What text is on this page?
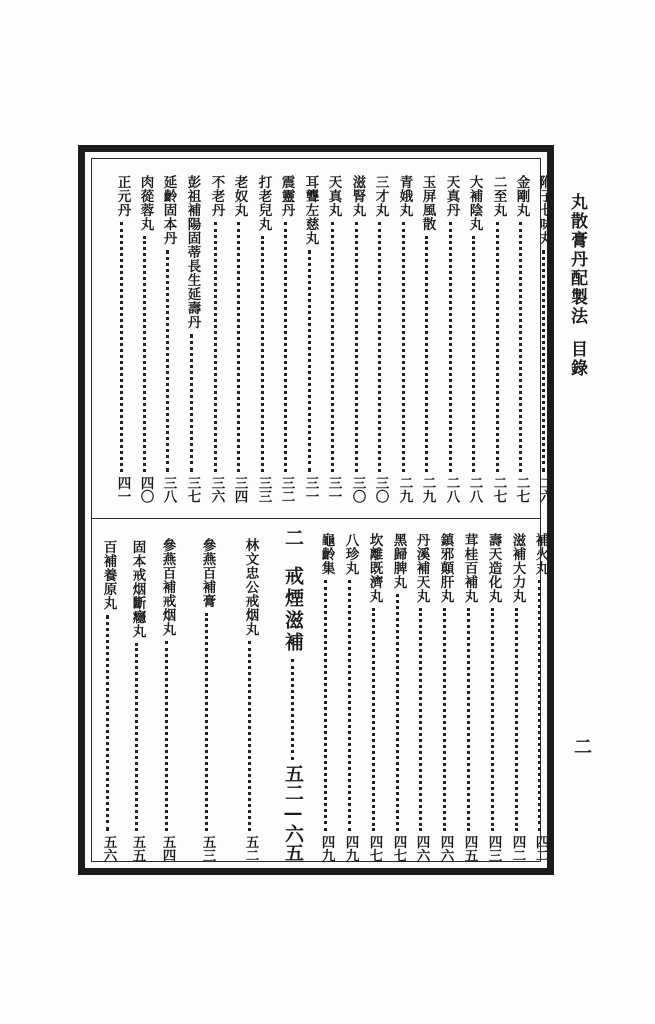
丸散膏丹配製法目錄
二
附子七味丸
二六
金剛丸
二七
二至丸
二七
大補陰丸
二八
天真丹
二八
玉屏風散
二九
青娥丸
二九
三才丸
三〇
滋腎丸
三〇
天真丸
三一
耳聾左慈丸
三一
震靈丹
三二
打老兒丸
三三
老奴丸
三四
不老丹
三六
彭祖補陽固蒂長生延壽丹
三七
延齡固本丹
三八
肉蓯蓉丸
四〇
正元丹
四一
補火丸
四二
滋補大力丸
四二
壽天造化丸
四三
茸桂百補丸
四五
鎮邪顛肝丸
四六
丹溪補天丸
四六
黑歸脾丸
四七
坎離既濟丸
四七
八珍丸
四九
龜齡集
四九
二
戒煙滋補
五二—六五
林文忠公戒烟丸
五二
參燕百補膏
五三
參燕百補戒烟丸
五四
固本戒烟斷癮丸
五五
百補養原丸
五六
